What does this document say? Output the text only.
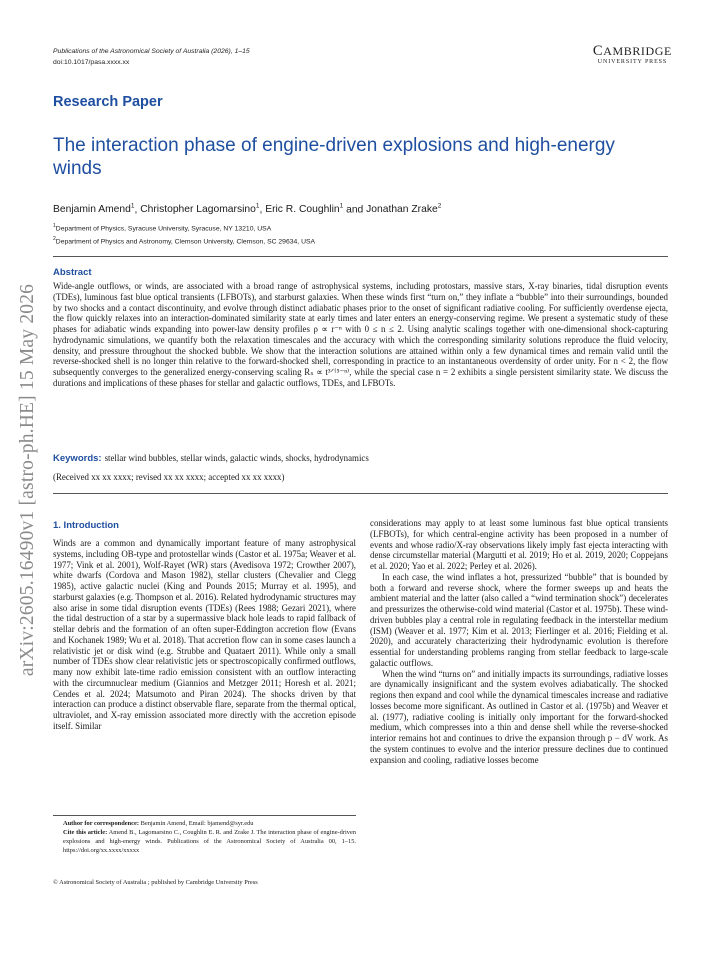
arXiv:2605.16490v1 [astro-ph.HE] 15 May 2026
Publications of the Astronomical Society of Australia (2026), 1–15
doi:10.1017/pasa.xxxx.xx
CAMBRIDGE
UNIVERSITY PRESS
Research Paper
The interaction phase of engine-driven explosions and high-energy winds
Benjamin Amend$^1$, Christopher Lagomarsino$^1$, Eric R. Coughlin$^1$ and Jonathan Zrake$^2$
$^1$Department of Physics, Syracuse University, Syracuse, NY 13210, USA
$^2$Department of Physics and Astronomy, Clemson University, Clemson, SC 29634, USA
Abstract
Wide-angle outflows, or winds, are associated with a broad range of astrophysical systems, including protostars, massive stars, X-ray binaries, tidal disruption events (TDEs), luminous fast blue optical transients (LFBOTs), and starburst galaxies. When these winds first “turn on,” they inflate a “bubble” into their surroundings, bounded by two shocks and a contact discontinuity, and evolve through distinct adiabatic phases prior to the onset of significant radiative cooling. For sufficiently overdense ejecta, the flow quickly relaxes into an interaction-dominated similarity state at early times and later enters an energy-conserving regime. We present a systematic study of these phases for adiabatic winds expanding into power-law density profiles ρ ∝ r⁻ⁿ with 0 ≤ n ≤ 2. Using analytic scalings together with one-dimensional shock-capturing hydrodynamic simulations, we quantify both the relaxation timescales and the accuracy with which the corresponding similarity solutions reproduce the fluid velocity, density, and pressure throughout the shocked bubble. We show that the interaction solutions are attained within only a few dynamical times and remain valid until the reverse-shocked shell is no longer thin relative to the forward-shocked shell, corresponding in practice to an instantaneous overdensity of order unity. For n < 2, the flow subsequently converges to the generalized energy-conserving scaling Rₛ ∝ t³ᐟ⁽⁵⁻ⁿ⁾, while the special case n = 2 exhibits a single persistent similarity state. We discuss the durations and implications of these phases for stellar and galactic outflows, TDEs, and LFBOTs.
Keywords: stellar wind bubbles, stellar winds, galactic winds, shocks, hydrodynamics
(Received xx xx xxxx; revised xx xx xxxx; accepted xx xx xxxx)
1. Introduction

Winds are a common and dynamically important feature of many astrophysical systems, including OB-type and protostellar winds (Castor et al. 1975a; Weaver et al. 1977; Vink et al. 2001), Wolf-Rayet (WR) stars (Avedisova 1972; Crowther 2007), white dwarfs (Cordova and Mason 1982), stellar clusters (Chevalier and Clegg 1985), active galactic nuclei (King and Pounds 2015; Murray et al. 1995), and starburst galaxies (e.g. Thompson et al. 2016). Related hydrodynamic structures may also arise in some tidal disruption events (TDEs) (Rees 1988; Gezari 2021), where the tidal destruction of a star by a supermassive black hole leads to rapid fallback of stellar debris and the formation of an often super-Eddington accretion flow (Evans and Kochanek 1989; Wu et al. 2018). That accretion flow can in some cases launch a relativistic jet or disk wind (e.g. Strubbe and Quataert 2011). While only a small number of TDEs show clear relativistic jets or spectroscopically confirmed outflows, many now exhibit late-time radio emission consistent with an outflow interacting with the circumnuclear medium (Giannios and Metzger 2011; Horesh et al. 2021; Cendes et al. 2024; Matsumoto and Piran 2024). The shocks driven by that interaction can produce a distinct observable flare, separate from the thermal optical, ultraviolet, and X-ray emission associated more directly with the accretion episode itself. Similar

considerations may apply to at least some luminous fast blue optical transients (LFBOTs), for which central-engine activity has been proposed in a number of events and whose radio/X-ray observations likely imply fast ejecta interacting with dense circumstellar material (Margutti et al. 2019; Ho et al. 2019, 2020; Coppejans et al. 2020; Yao et al. 2022; Perley et al. 2026).

In each case, the wind inflates a hot, pressurized “bubble” that is bounded by both a forward and reverse shock, where the former sweeps up and heats the ambient material and the latter (also called a “wind termination shock”) decelerates and pressurizes the otherwise-cold wind material (Castor et al. 1975b). These wind-driven bubbles play a central role in regulating feedback in the interstellar medium (ISM) (Weaver et al. 1977; Kim et al. 2013; Fierlinger et al. 2016; Fielding et al. 2020), and accurately characterizing their hydrodynamic evolution is therefore essential for understanding problems ranging from stellar feedback to large-scale galactic outflows.

When the wind “turns on” and initially impacts its surroundings, radiative losses are dynamically insignificant and the system evolves adiabatically. The shocked regions then expand and cool while the dynamical timescales increase and radiative losses become more significant. As outlined in Castor et al. (1975b) and Weaver et al. (1977), radiative cooling is initially only important for the forward-shocked medium, which compresses into a thin and dense shell while the reverse-shocked interior remains hot and continues to drive the expansion through p − dV work. As the system continues to evolve and the interior pressure declines due to continued expansion and cooling, radiative losses become

Author for correspondence: Benjamin Amend, Email: bjamend@syr.edu
Cite this article: Amend B., Lagomarsino C., Coughlin E. R. and Zrake J. The interaction phase of engine-driven explosions and high-energy winds. Publications of the Astronomical Society of Australia 00, 1–15. https://doi.org/xx.xxxx/xxxxx
© Astronomical Society of Australia ; published by Cambridge University Press
